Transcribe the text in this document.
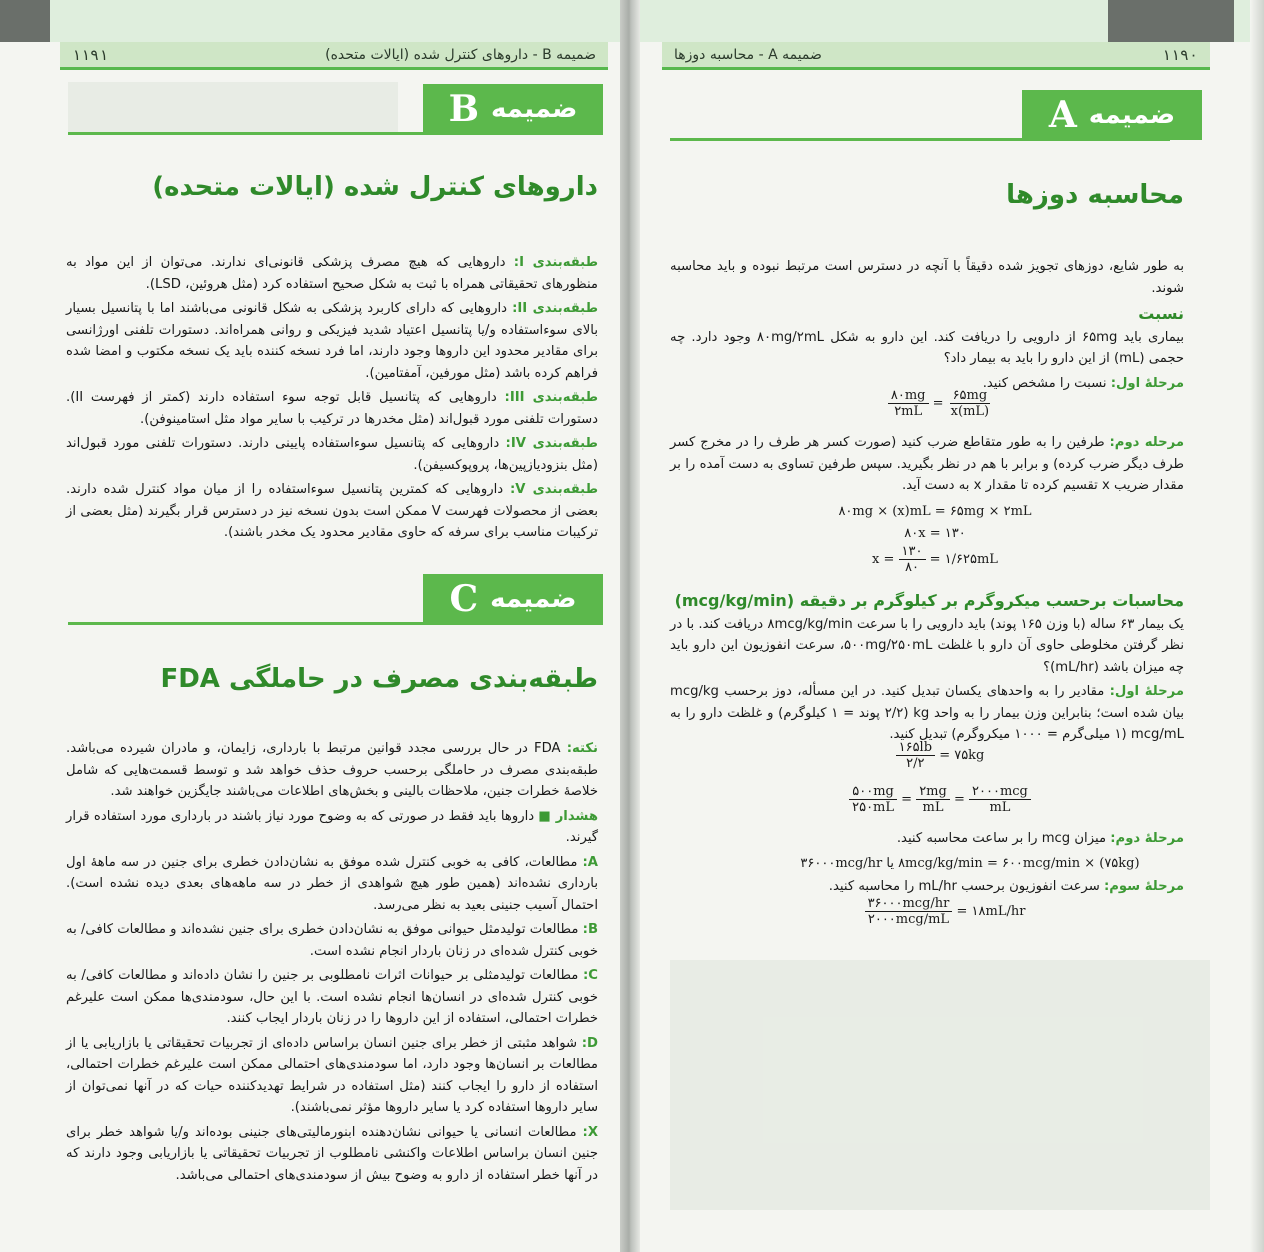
ضمیمه B - داروهای کنترل شده (ایالات متحده)
۱۱۹۱
ضمیمه
B
داروهای کنترل شده (ایالات متحده)

طبقه‌بندی I: داروهایی که هیچ مصرف پزشکی قانونی‌ای ندارند. می‌توان از این مواد به منظورهای تحقیقاتی همراه با ثبت به شکل صحیح استفاده کرد (مثل هروئین، LSD).

طبقه‌بندی II: داروهایی که دارای کاربرد پزشکی به شکل قانونی می‌باشند اما با پتانسیل بسیار بالای سوءاستفاده و/یا پتانسیل اعتیاد شدید فیزیکی و روانی همراه‌اند. دستورات تلفنی اورژانسی برای مقادیر محدود این داروها وجود دارند، اما فرد نسخه کننده باید یک نسخه مکتوب و امضا شده فراهم کرده باشد (مثل مورفین، آمفتامین).

طبقه‌بندی III: داروهایی که پتانسیل قابل توجه سوء استفاده دارند (کمتر از فهرست II). دستورات تلفنی مورد قبول‌اند (مثل مخدرها در ترکیب با سایر مواد مثل استامینوفن).

طبقه‌بندی IV: داروهایی که پتانسیل سوءاستفاده پایینی دارند. دستورات تلفنی مورد قبول‌اند (مثل بنزودیازپین‌ها، پروپوکسیفن).

طبقه‌بندی V: داروهایی که کمترین پتانسیل سوءاستفاده را از میان مواد کنترل شده دارند. بعضی از محصولات فهرست V ممکن است بدون نسخه نیز در دسترس قرار بگیرند (مثل بعضی از ترکیبات مناسب برای سرفه که حاوی مقادیر محدود یک مخدر باشند).

ضمیمه
C
طبقه‌بندی مصرف در حاملگی FDA

نکته: FDA در حال بررسی مجدد قوانین مرتبط با بارداری، زایمان، و مادران شیرده می‌باشد. طبقه‌بندی مصرف در حاملگی برحسب حروف حذف خواهد شد و توسط قسمت‌هایی که شامل خلاصهٔ خطرات جنین، ملاحظات بالینی و بخش‌های اطلاعات می‌باشند جایگزین خواهند شد.

هشدار ■ داروها باید فقط در صورتی که به وضوح مورد نیاز باشند در بارداری مورد استفاده قرار گیرند.

A: مطالعات، کافی به خوبی کنترل شده موفق به نشان‌دادن خطری برای جنین در سه ماههٔ اول بارداری نشده‌اند (همین طور هیچ شواهدی از خطر در سه ماهه‌های بعدی دیده نشده است). احتمال آسیب جنینی بعید به نظر می‌رسد.

B: مطالعات تولیدمثل حیوانی موفق به نشان‌دادن خطری برای جنین نشده‌اند و مطالعات کافی/ به خوبی کنترل شده‌ای در زنان باردار انجام نشده است.

C: مطالعات تولیدمثلی بر حیوانات اثرات نامطلوبی بر جنین را نشان داده‌اند و مطالعات کافی/ به خوبی کنترل شده‌ای در انسان‌ها انجام نشده است. با این حال، سودمندی‌ها ممکن است علیرغم خطرات احتمالی، استفاده از این داروها را در زنان باردار ایجاب کنند.

D: شواهد مثبتی از خطر برای جنین انسان براساس داده‌ای از تجربیات تحقیقاتی یا بازاریابی یا از مطالعات بر انسان‌ها وجود دارد، اما سودمندی‌های احتمالی ممکن است علیرغم خطرات احتمالی، استفاده از دارو را ایجاب کنند (مثل استفاده در شرایط تهدیدکننده حیات که در آنها نمی‌توان از سایر داروها استفاده کرد یا سایر داروها مؤثر نمی‌باشند).

X: مطالعات انسانی یا حیوانی نشان‌دهنده ابنورمالیتی‌های جنینی بوده‌اند و/یا شواهد خطر برای جنین انسان براساس اطلاعات واکنشی نامطلوب از تجربیات تحقیقاتی یا بازاریابی وجود دارند که در آنها خطر استفاده از دارو به وضوح بیش از سودمندی‌های احتمالی می‌باشد.

۱۱۹۰
ضمیمه A - محاسبه دوزها
ضمیمه
A
محاسبه دوزها

به طور شایع، دوزهای تجویز شده دقیقاً با آنچه در دسترس است مرتبط نبوده و باید محاسبه شوند.

نسبت

بیماری باید ۶۵mg از دارویی را دریافت کند. این دارو به شکل ۸۰mg/۲mL وجود دارد. چه حجمی (mL) از این دارو را باید به بیمار داد؟

مرحلهٔ اول: نسبت را مشخص کنید.

$\frac{۸۰mg}{۲mL} = \frac{۶۵mg}{x(mL)}$

مرحله دوم: طرفین را به طور متقاطع ضرب کنید (صورت کسر هر طرف را در مخرج کسر طرف دیگر ضرب کرده) و برابر با هم در نظر بگیرید. سپس طرفین تساوی به دست آمده را بر مقدار ضریب x تقسیم کرده تا مقدار x به دست آید.

۸۰mg × (x)mL = ۶۵mg × ۲mL
۸۰x = ۱۳۰
$x = \frac{۱۳۰}{۸۰}$ = ۱/۶۲۵mL
محاسبات برحسب میکروگرم بر کیلوگرم بر دقیقه (mcg/kg/min)

یک بیمار ۶۳ ساله (با وزن ۱۶۵ پوند) باید دارویی را با سرعت ۸mcg/kg/min دریافت کند. با در نظر گرفتن مخلوطی حاوی آن دارو با غلظت ۵۰۰mg/۲۵۰mL، سرعت انفوزیون این دارو باید چه میزان باشد (mL/hr)؟

مرحلهٔ اول: مقادیر را به واحدهای یکسان تبدیل کنید. در این مسأله، دوز برحسب mcg/kg بیان شده است؛ بنابراین وزن بیمار را به واحد kg (۲/۲ پوند = ۱ کیلوگرم) و غلظت دارو را به mcg/mL (۱ میلی‌گرم = ۱۰۰۰ میکروگرم) تبدیل کنید.

$\frac{۱۶۵lb}{۲/۲}$ = ۷۵kg
$\frac{۵۰۰mg}{۲۵۰mL} = \frac{۲mg}{mL} = \frac{\text{۲۰۰۰mcg}}{mL}$

مرحلهٔ دوم: میزان mcg را بر ساعت محاسبه کنید.

(۷۵kg) × ۸mcg/kg/min = ۶۰۰mcg/min یا ۳۶۰۰۰mcg/hr

مرحلهٔ سوم: سرعت انفوزیون برحسب mL/hr را محاسبه کنید.

$\frac{\text{۳۶۰۰۰mcg/hr}}{\text{۲۰۰۰mcg/mL}}$ = ۱۸mL/hr
